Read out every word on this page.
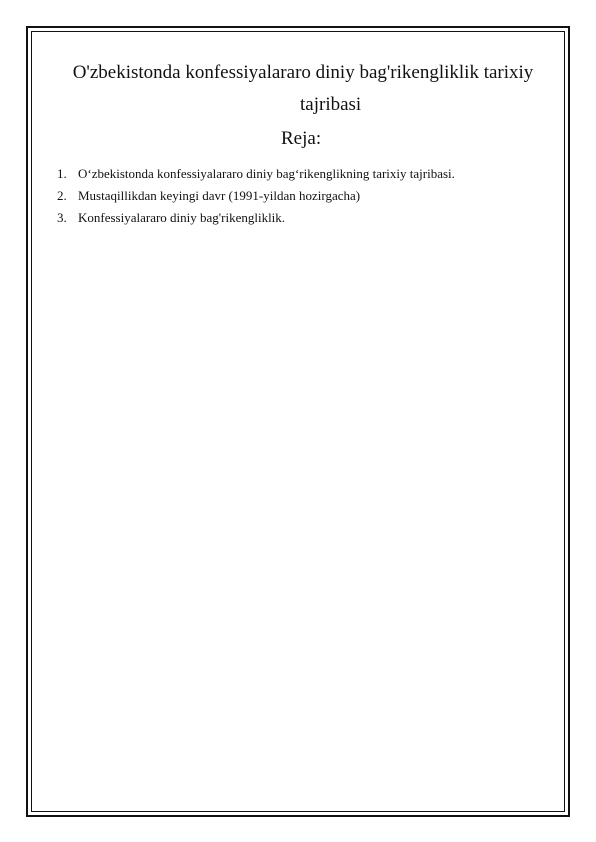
O'zbekistonda konfessiyalararo diniy bag'rikengliklik tarixiy
tajribasi

Reja:

1. O‘zbekistonda konfessiyalararo diniy bag‘rikenglikning tarixiy tajribasi.
2. Mustaqillikdan keyingi davr (1991-yildan hozirgacha)
3. Konfessiyalararo diniy bag'rikengliklik.
